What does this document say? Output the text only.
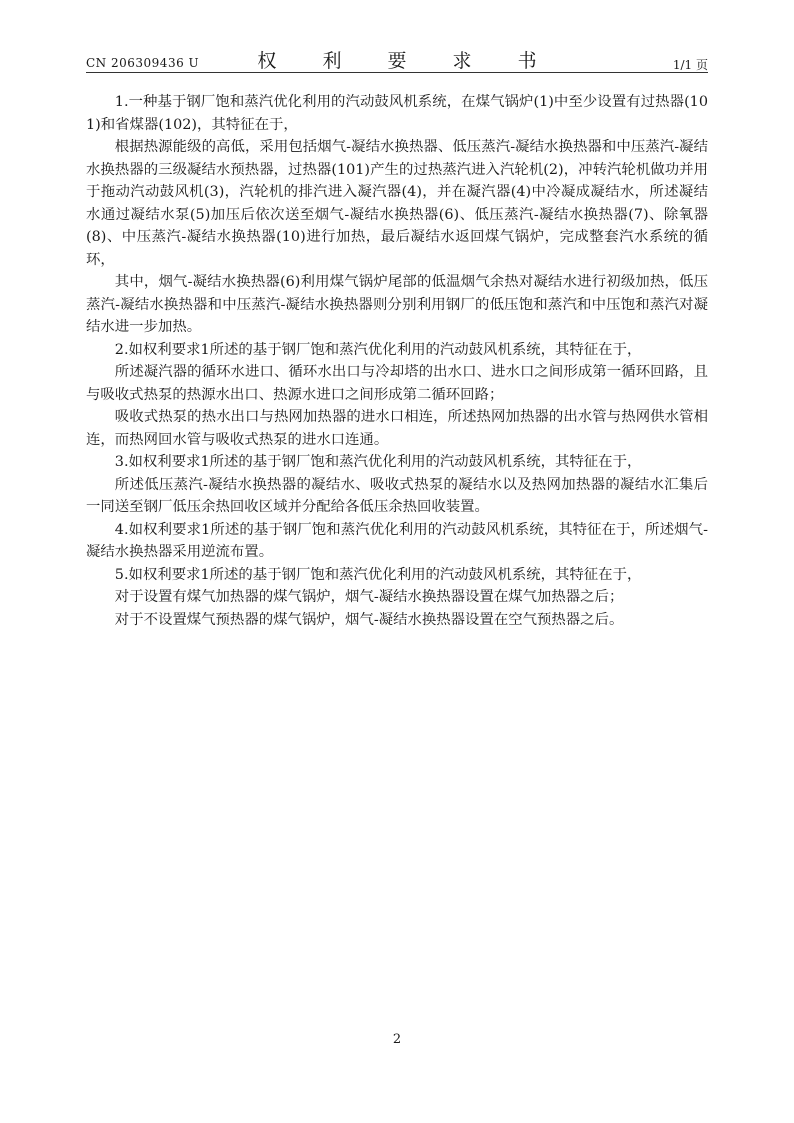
CN 206309436 U	权 利 要 求 书	1/1 页

1.一种基于钢厂饱和蒸汽优化利用的汽动鼓风机系统，在煤气锅炉(1)中至少设置有过热器(101)和省煤器(102)，其特征在于，

根据热源能级的高低，采用包括烟气-凝结水换热器、低压蒸汽-凝结水换热器和中压蒸汽-凝结水换热器的三级凝结水预热器，过热器(101)产生的过热蒸汽进入汽轮机(2)，冲转汽轮机做功并用于拖动汽动鼓风机(3)，汽轮机的排汽进入凝汽器(4)，并在凝汽器(4)中冷凝成凝结水，所述凝结水通过凝结水泵(5)加压后依次送至烟气-凝结水换热器(6)、低压蒸汽-凝结水换热器(7)、除氧器(8)、中压蒸汽-凝结水换热器(10)进行加热，最后凝结水返回煤气锅炉，完成整套汽水系统的循环，

其中，烟气-凝结水换热器(6)利用煤气锅炉尾部的低温烟气余热对凝结水进行初级加热，低压蒸汽-凝结水换热器和中压蒸汽-凝结水换热器则分别利用钢厂的低压饱和蒸汽和中压饱和蒸汽对凝结水进一步加热。

2.如权利要求1所述的基于钢厂饱和蒸汽优化利用的汽动鼓风机系统，其特征在于，

所述凝汽器的循环水进口、循环水出口与冷却塔的出水口、进水口之间形成第一循环回路，且与吸收式热泵的热源水出口、热源水进口之间形成第二循环回路；

吸收式热泵的热水出口与热网加热器的进水口相连，所述热网加热器的出水管与热网供水管相连，而热网回水管与吸收式热泵的进水口连通。

3.如权利要求1所述的基于钢厂饱和蒸汽优化利用的汽动鼓风机系统，其特征在于，

所述低压蒸汽-凝结水换热器的凝结水、吸收式热泵的凝结水以及热网加热器的凝结水汇集后一同送至钢厂低压余热回收区域并分配给各低压余热回收装置。

4.如权利要求1所述的基于钢厂饱和蒸汽优化利用的汽动鼓风机系统，其特征在于，所述烟气-凝结水换热器采用逆流布置。

5.如权利要求1所述的基于钢厂饱和蒸汽优化利用的汽动鼓风机系统，其特征在于，

对于设置有煤气加热器的煤气锅炉，烟气-凝结水换热器设置在煤气加热器之后；

对于不设置煤气预热器的煤气锅炉，烟气-凝结水换热器设置在空气预热器之后。

2
